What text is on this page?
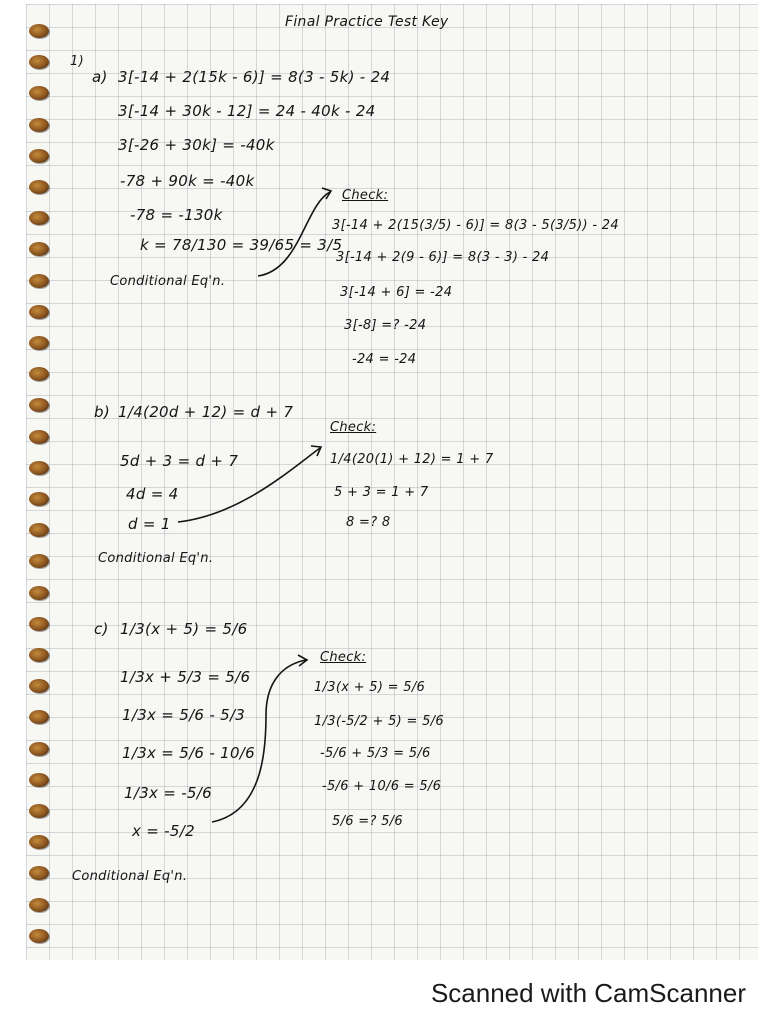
Final Practice Test Key
1)
a) 3[-14 + 2(15k - 6)] = 8(3 - 5k) - 24
3[-14 + 30k - 12] = 24 - 40k - 24
3[-26 + 30k] = -40k
-78 + 90k = -40k
-78 = -130k
k = 78/130 = 39/65 = 3/5
Conditional Eq'n.
Check:
3[-14 + 2(15(3/5) - 6)] = 8(3 - 5(3/5)) - 24
3[-14 + 2(9 - 6)] = 8(3 - 3) - 24
3[-14 + 6] = -24
3[-8] =? -24
-24 = -24
b) 1/4(20d + 12) = d + 7
5d + 3 = d + 7
4d = 4
d = 1
Conditional Eq'n.
Check:
1/4(20(1) + 12) = 1 + 7
5 + 3 = 1 + 7
8 =? 8
c) 1/3(x + 5) = 5/6
1/3x + 5/3 = 5/6
1/3x = 5/6 - 5/3
1/3x = 5/6 - 10/6
1/3x = -5/6
x = -5/2
Conditional Eq'n.
Check:
1/3(x + 5) = 5/6
1/3(-5/2 + 5) = 5/6
-5/6 + 5/3 = 5/6
-5/6 + 10/6 = 5/6
5/6 =? 5/6
Scanned with CamScanner
